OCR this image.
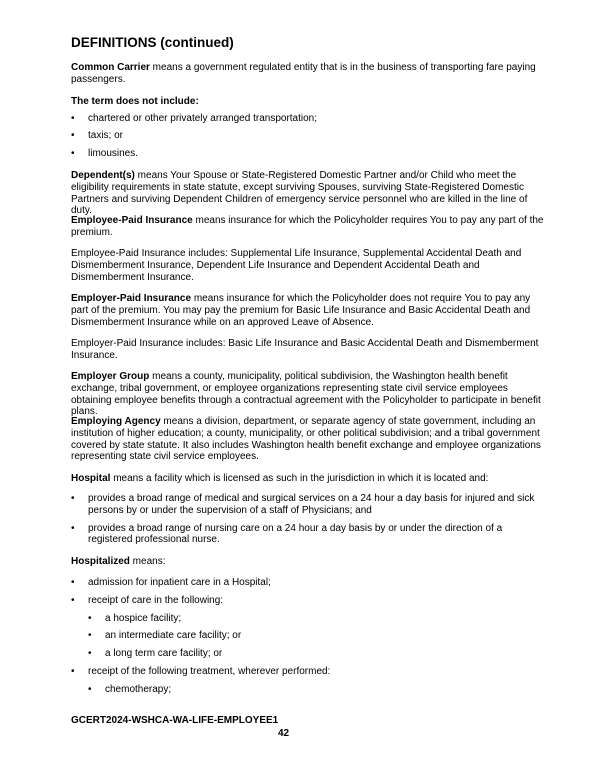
DEFINITIONS (continued)
Common Carrier means a government regulated entity that is in the business of transporting fare paying passengers.
The term does not include:
• chartered or other privately arranged transportation;
• taxis; or
• limousines.
Dependent(s) means Your Spouse or State-Registered Domestic Partner and/or Child who meet the eligibility requirements in state statute, except surviving Spouses, surviving State-Registered Domestic Partners and surviving Dependent Children of emergency service personnel who are killed in the line of duty.
Employee-Paid Insurance means insurance for which the Policyholder requires You to pay any part of the premium.
Employee-Paid Insurance includes: Supplemental Life Insurance, Supplemental Accidental Death and Dismemberment Insurance, Dependent Life Insurance and Dependent Accidental Death and Dismemberment Insurance.
Employer-Paid Insurance means insurance for which the Policyholder does not require You to pay any part of the premium. You may pay the premium for Basic Life Insurance and Basic Accidental Death and Dismemberment Insurance while on an approved Leave of Absence.
Employer-Paid Insurance includes: Basic Life Insurance and Basic Accidental Death and Dismemberment Insurance.
Employer Group means a county, municipality, political subdivision, the Washington health benefit exchange, tribal government, or employee organizations representing state civil service employees obtaining employee benefits through a contractual agreement with the Policyholder to participate in benefit plans.
Employing Agency means a division, department, or separate agency of state government, including an institution of higher education; a county, municipality, or other political subdivision; and a tribal government covered by state statute. It also includes Washington health benefit exchange and employee organizations representing state civil service employees.
Hospital means a facility which is licensed as such in the jurisdiction in which it is located and:
• provides a broad range of medical and surgical services on a 24 hour a day basis for injured and sick persons by or under the supervision of a staff of Physicians; and
• provides a broad range of nursing care on a 24 hour a day basis by or under the direction of a registered professional nurse.
Hospitalized means:
• admission for inpatient care in a Hospital;
• receipt of care in the following:
• a hospice facility;
• an intermediate care facility; or
• a long term care facility; or
• receipt of the following treatment, wherever performed:
• chemotherapy;
GCERT2024-WSHCA-WA-LIFE-EMPLOYEE1
42
